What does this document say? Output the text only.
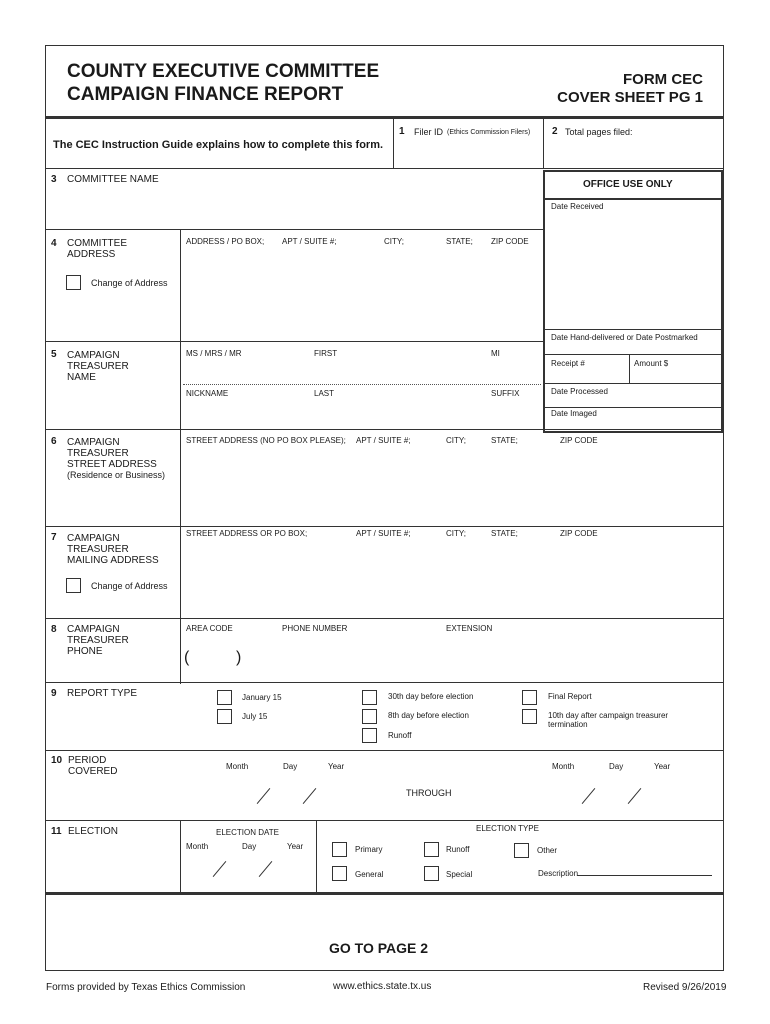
COUNTY EXECUTIVE COMMITTEE
CAMPAIGN FINANCE REPORT
FORM CEC
COVER SHEET PG 1
The CEC Instruction Guide explains how to complete this form.
1 Filer ID (Ethics Commission Filers) 2 Total pages filed:
OFFICE USE ONLY
Date Received
Date Hand-delivered or Date Postmarked
Receipt #	Amount $
Date Processed
Date Imaged
3 COMMITTEE NAME
4 COMMITTEE
ADDRESS
Change of Address
ADDRESS / PO BOX; APT / SUITE #;	CITY;	STATE; ZIP CODE
5 CAMPAIGN
TREASURER
NAME
MS / MRS / MR	FIRST	MI
NICKNAME	LAST	SUFFIX
6 CAMPAIGN
TREASURER
STREET ADDRESS
(Residence or Business)
STREET ADDRESS (NO PO BOX PLEASE); APT / SUITE #;	CITY;	STATE;	ZIP CODE
7 CAMPAIGN
TREASURER
MAILING ADDRESS
Change of Address
STREET ADDRESS OR PO BOX;	APT / SUITE #;	CITY;	STATE;	ZIP CODE
8 CAMPAIGN
TREASURER
PHONE
AREA CODE	PHONE NUMBER	EXTENSION
(	)
9 REPORT TYPE	January 15
July 15
30th day before election
8th day before election
Runoff
Final Report
10th day after campaign treasurer termination
10 PERIOD
COVERED	Month	Day	Year
THROUGH
Month	Day	Year
11 ELECTION	ELECTION DATE
Month	Day	Year
ELECTION TYPE
Primary	Runoff	Other
General	Special	Description
GO TO PAGE 2
Forms provided by Texas Ethics Commission	www.ethics.state.tx.us	Revised 9/26/2019
